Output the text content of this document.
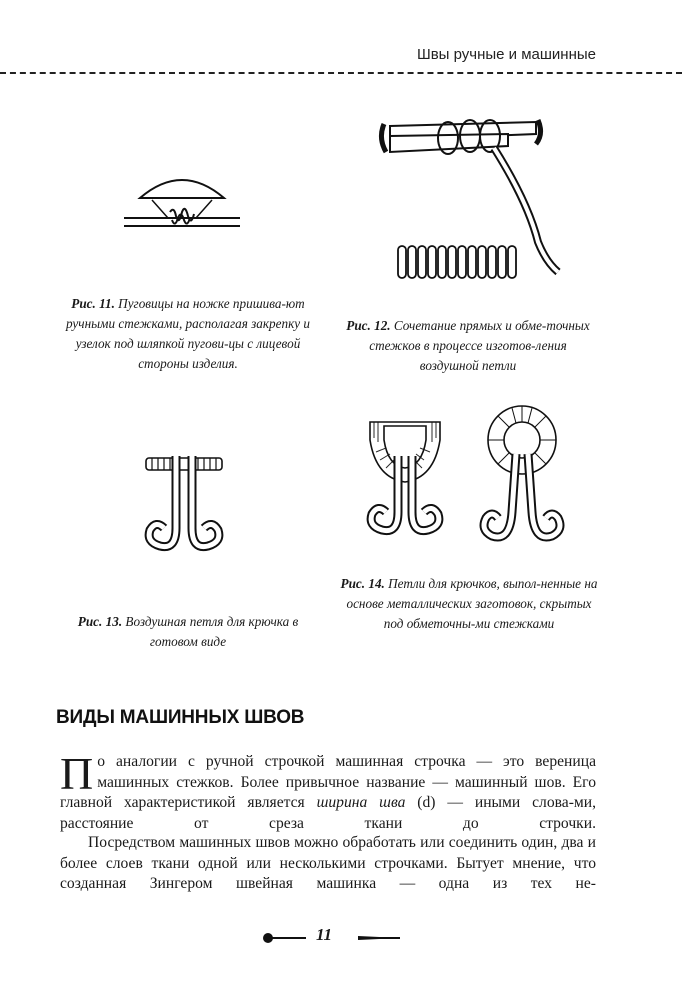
Швы ручные и машинные
Рис. 11. Пуговицы на ножке пришива-ют ручными стежками, располагая закрепку и узелок под шляпкой пугови-цы с лицевой стороны изделия.
Рис. 12. Сочетание прямых и обме-точных стежков в процессе изготов-ления воздушной петли
Рис. 13. Воздушная петля для крючка в готовом виде
Рис. 14. Петли для крючков, выпол-ненные на основе металлических заготовок, скрытых под обметочны-ми стежками
ВИДЫ МАШИННЫХ ШВОВ
По аналогии с ручной строчкой машинная строчка — это вереница машинных стежков. Более привычное название — машинный шов. Его главной характеристикой является ширина шва (d) — иными слова-ми, расстояние от среза ткани до строчки.
Посредством машинных швов можно обработать или соединить один, два и более слоев ткани одной или несколькими строчками. Бытует мнение, что созданная Зингером швейная машинка — одна из тех не-
11
